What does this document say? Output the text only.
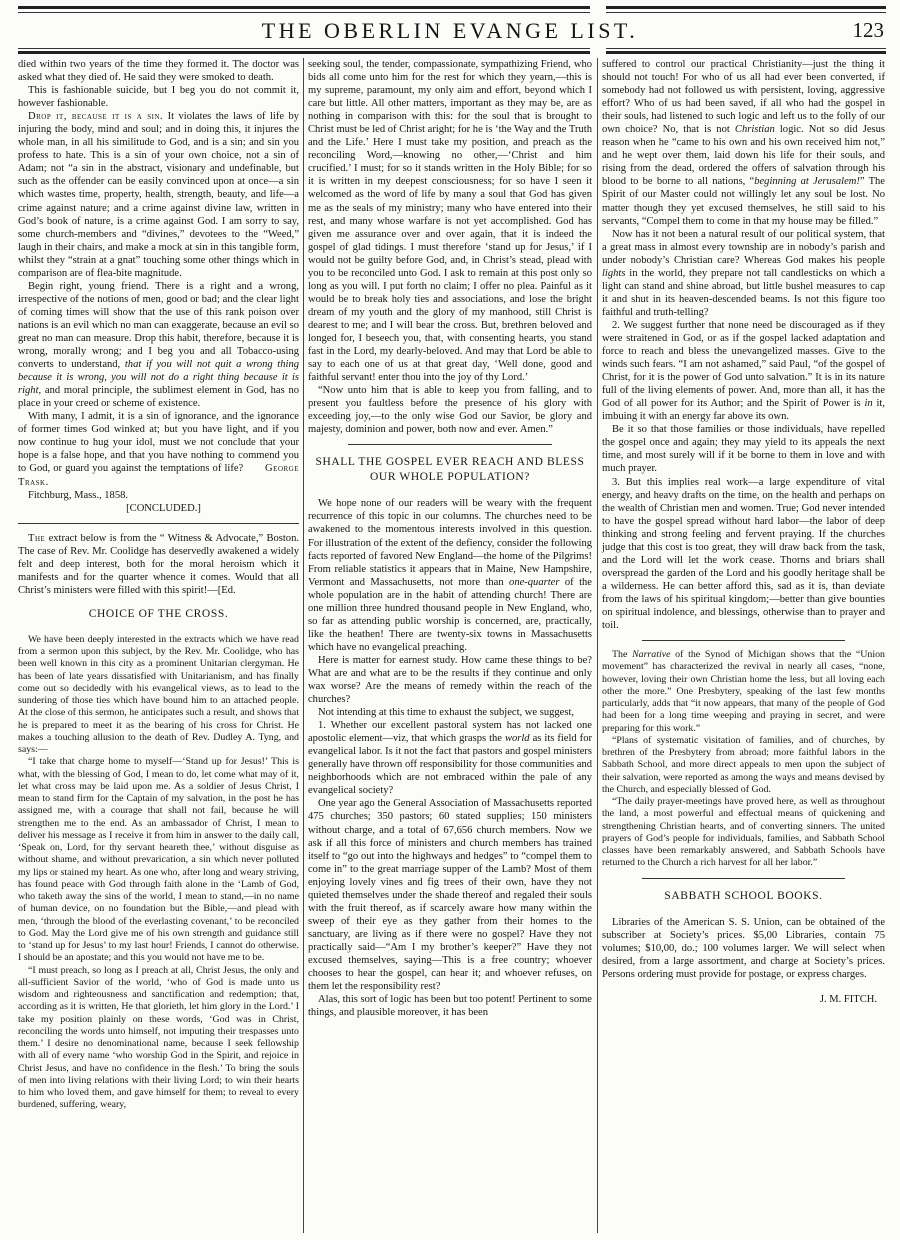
THE OBERLIN EVANGE LIST.	123

died within two years of the time they formed it. The doctor was asked what they died of. He said they were smoked to death.

This is fashionable suicide, but I beg you do not commit it, however fashionable.

Drop it, because it is a sin. It violates the laws of life by injuring the body, mind and soul; and in doing this, it injures the whole man, in all his similitude to God, and is a sin; and sin you profess to hate. This is a sin of your own choice, not a sin of Adam; not “a sin in the abstract, visionary and undefinable, but such as the offender can be easily convinced upon at once—a sin which wastes time, property, health, strength, beauty, and life—a crime against nature; and a crime against divine law, written in God’s book of nature, is a crime against God. I am sorry to say, some church-members and “divines,” devotees to the “Weed,” laugh in their chairs, and make a mock at sin in this tangible form, whilst they “strain at a gnat” touching some other things which in comparison are of flea-bite magnitude.

Begin right, young friend. There is a right and a wrong, irrespective of the notions of men, good or bad; and the clear light of coming times will show that the use of this rank poison over nations is an evil which no man can exaggerate, because an evil so great no man can measure. Drop this habit, therefore, because it is wrong, morally wrong; and I beg you and all Tobacco-using converts to understand, that if you will not quit a wrong thing because it is wrong, you will not do a right thing because it is right, and moral principle, the sublimest element in God, has no place in your creed or scheme of existence.

With many, I admit, it is a sin of ignorance, and the ignorance of former times God winked at; but you have light, and if you now continue to hug your idol, must we not conclude that your hope is a false hope, and that you have nothing to commend you to God, or guard you against the temptations of life?       George Trask.

Fitchburg, Mass., 1858.

[CONCLUDED.]

The extract below is from the “ Witness & Advocate,” Boston. The case of Rev. Mr. Coolidge has deservedly awakened a widely felt and deep interest, both for the moral heroism which it manifests and for the quarter whence it comes. Would that all Christ’s ministers were filled with this spirit!—[Ed.

CHOICE OF THE CROSS.

We have been deeply interested in the extracts which we have read from a sermon upon this subject, by the Rev. Mr. Coolidge, who has been well known in this city as a prominent Unitarian clergyman. He has been of late years dissatisfied with Unitarianism, and has finally come out so decidedly with his evangelical views, as to lead to the sundering of those ties which have bound him to an attached people. At the close of this sermon, he anticipates such a result, and shows that he is prepared to meet it as the bearing of his cross for Christ. He makes a touching allusion to the death of Rev. Dudley A. Tyng, and says:—

“I take that charge home to myself—‘Stand up for Jesus!’ This is what, with the blessing of God, I mean to do, let come what may of it, let what cross may be laid upon me. As a soldier of Jesus Christ, I mean to stand firm for the Captain of my salvation, in the post he has assigned me, with a courage that shall not fail, because he will strengthen me to the end. As an ambassador of Christ, I mean to deliver his message as I receive it from him in answer to the daily call, ‘Speak on, Lord, for thy servant heareth thee,’ without disguise as without shame, and without prevarication, a sin which never polluted my lips or stained my heart. As one who, after long and weary striving, has found peace with God through faith alone in the ‘Lamb of God, who taketh away the sins of the world, I mean to stand,—in no name of human device, on no foundation but the Bible,—and plead with men, ‘through the blood of the everlasting covenant,’ to be reconciled to God. May the Lord give me of his own strength and guidance still to ‘stand up for Jesus’ to my last hour! Friends, I cannot do otherwise. I should be an apostate; and this you would not have me to be.

“I must preach, so long as I preach at all, Christ Jesus, the only and all-sufficient Savior of the world, ‘who of God is made unto us wisdom and righteousness and sanctification and redemption; that, according as it is written, He that glorieth, let him glory in the Lord.’ I take my position plainly on these words, ‘God was in Christ, reconciling the words unto himself, not imputing their trespasses unto them.’ I desire no denominational name, because I seek fellowship with all of every name ‘who worship God in the Spirit, and rejoice in Christ Jesus, and have no confidence in the flesh.’ To bring the souls of men into living relations with their living Lord; to win their hearts to him who loved them, and gave himself for them; to reveal to every burdened, suffering, weary,

seeking soul, the tender, compassionate, sympathizing Friend, who bids all come unto him for the rest for which they yearn,—this is my supreme, paramount, my only aim and effort, beyond which I care but little. All other matters, important as they may be, are as nothing in comparison with this: for the soul that is brought to Christ must be led of Christ aright; for he is ‘the Way and the Truth and the Life.’ Here I must take my position, and preach as the reconciling Word,—knowing no other,—‘Christ and him crucified.’ I must; for so it stands written in the Holy Bible; for so it is written in my deepest consciousness; for so have I seen it welcomed as the word of life by many a soul that God has given me as the seals of my ministry; many who have entered into their rest, and many whose warfare is not yet accomplished. God has given me assurance over and over again, that it is indeed the gospel of glad tidings. I must therefore ‘stand up for Jesus,’ if I would not be guilty before God, and, in Christ’s stead, plead with you to be reconciled unto God. I ask to remain at this post only so long as you will. I put forth no claim; I offer no plea. Painful as it would be to break holy ties and associations, and lose the bright dream of my youth and the glory of my manhood, still Christ is dearest to me; and I will bear the cross. But, brethren beloved and longed for, I beseech you, that, with consenting hearts, you stand fast in the Lord, my dearly-beloved. And may that Lord be able to say to each one of us at that great day, ‘Well done, good and faithful servant! enter thou into the joy of thy Lord.’

“Now unto him that is able to keep you from falling, and to present you faultless before the presence of his glory with exceeding joy,—to the only wise God our Savior, be glory and majesty, dominion and power, both now and ever. Amen.”

SHALL THE GOSPEL EVER REACH AND BLESS OUR WHOLE POPULATION?

We hope none of our readers will be weary with the frequent recurrence of this topic in our columns. The churches need to be awakened to the momentous interests involved in this question. For illustration of the extent of the defiency, consider the following facts reported of favored New England—the home of the Pilgrims! From reliable statistics it appears that in Maine, New Hampshire, Vermont and Massachusetts, not more than one-quarter of the whole population are in the habit of attending church! There are one million three hundred thousand people in New England, who, so far as attending public worship is concerned, are, practically, like the heathen! There are twenty-six towns in Massachusetts which have no evangelical preaching.

Here is matter for earnest study. How came these things to be? What are and what are to be the results if they continue and only wax worse? Are the means of remedy within the reach of the churches?

Not intending at this time to exhaust the subject, we suggest,

1. Whether our excellent pastoral system has not lacked one apostolic element—viz, that which grasps the world as its field for evangelical labor. Is it not the fact that pastors and gospel ministers generally have thrown off responsibility for those communities and neighborhoods which are not embraced within the pale of any evangelical society?

One year ago the General Association of Massachusetts reported 475 churches; 350 pastors; 60 stated supplies; 150 ministers without charge, and a total of 67,656 church members. Now we ask if all this force of ministers and church members has trained itself to “go out into the highways and hedges” to “compel them to come in” to the great marriage supper of the Lamb? Most of them enjoying lovely vines and fig trees of their own, have they not quieted themselves under the shade thereof and regaled their souls with the fruit thereof, as if scarcely aware how many within the sweep of their eye as they gather from their homes to the sanctuary, are living as if there were no gospel? Have they not practically said—“Am I my brother’s keeper?” Have they not excused themselves, saying—This is a free country; whoever chooses to hear the gospel, can hear it; and whoever refuses, on them let the responsibility rest?

Alas, this sort of logic has been but too potent! Pertinent to some things, and plausible moreover, it has been

suffered to control our practical Christianity—just the thing it should not touch! For who of us all had ever been converted, if somebody had not followed us with persistent, loving, aggressive effort? Who of us had been saved, if all who had the gospel in their souls, had listened to such logic and left us to the folly of our own choice? No, that is not Christian logic. Not so did Jesus reason when he “came to his own and his own received him not,” and he wept over them, laid down his life for their souls, and rising from the dead, ordered the offers of salvation through his blood to be borne to all nations, “beginning at Jerusalem!” The Spirit of our Master could not willingly let any soul be lost. No matter though they yet excused themselves, he still said to his servants, “Compel them to come in that my house may be filled.”

Now has it not been a natural result of our political system, that a great mass in almost every township are in nobody’s parish and under nobody’s Christian care? Whereas God makes his people lights in the world, they prepare not tall candlesticks on which a light can stand and shine abroad, but little bushel measures to cap it and shut in its heaven-descended beams. Is not this figure too faithful and truth-telling?

2. We suggest further that none need be discouraged as if they were straitened in God, or as if the gospel lacked adaptation and force to reach and bless the unevangelized masses. Give to the winds such fears. “I am not ashamed,” said Paul, “of the gospel of Christ, for it is the power of God unto salvation.” It is in its nature full of the living elements of power. And, more than all, it has the God of all power for its Author; and the Spirit of Power is in it, imbuing it with an energy far above its own.

Be it so that those families or those individuals, have repelled the gospel once and again; they may yield to its appeals the next time, and most surely will if it be borne to them in love and with much prayer.

3. But this implies real work—a large expenditure of vital energy, and heavy drafts on the time, on the health and perhaps on the wealth of Christian men and women. True; God never intended to have the gospel spread without hard labor—the labor of deep thinking and strong feeling and fervent praying. If the churches judge that this cost is too great, they will draw back from the task, and the Lord will let the work cease. Thorns and briars shall overspread the garden of the Lord and his goodly heritage shall be a wilderness. He can better afford this, sad as it is, than deviate from the laws of his spiritual kingdom;—better than give bounties on spiritual indolence, and blessings, otherwise than to prayer and toil.

The Narrative of the Synod of Michigan shows that the “Union movement” has characterized the revival in nearly all cases, “none, however, loving their own Christian home the less, but all loving each other the more.” One Presbytery, speaking of the last few months particularly, adds that “it now appears, that many of the people of God had been for a long time weeping and praying in secret, and were preparing for this work.”

“Plans of systematic visitation of families, and of churches, by brethren of the Presbytery from abroad; more faithful labors in the Sabbath School, and more direct appeals to men upon the subject of their salvation, were reported as among the ways and means devised by the Church, and especially blessed of God.

“The daily prayer-meetings have proved here, as well as throughout the land, a most powerful and effectual means of quickening and strengthening Christian hearts, and of converting sinners. The united prayers of God’s people for individuals, families, and Sabbath School classes have been remarkably answered, and Sabbath Schools have returned to the Church a rich harvest for all her labor.”

SABBATH SCHOOL BOOKS.

Libraries of the American S. S. Union, can be obtained of the subscriber at Society’s prices. $5,00 Libraries, contain 75 volumes; $10,00, do.; 100 volumes larger. We will select when desired, from a large assortment, and charge at Society’s prices. Persons ordering must provide for postage, or express charges.

J. M. FITCH.
